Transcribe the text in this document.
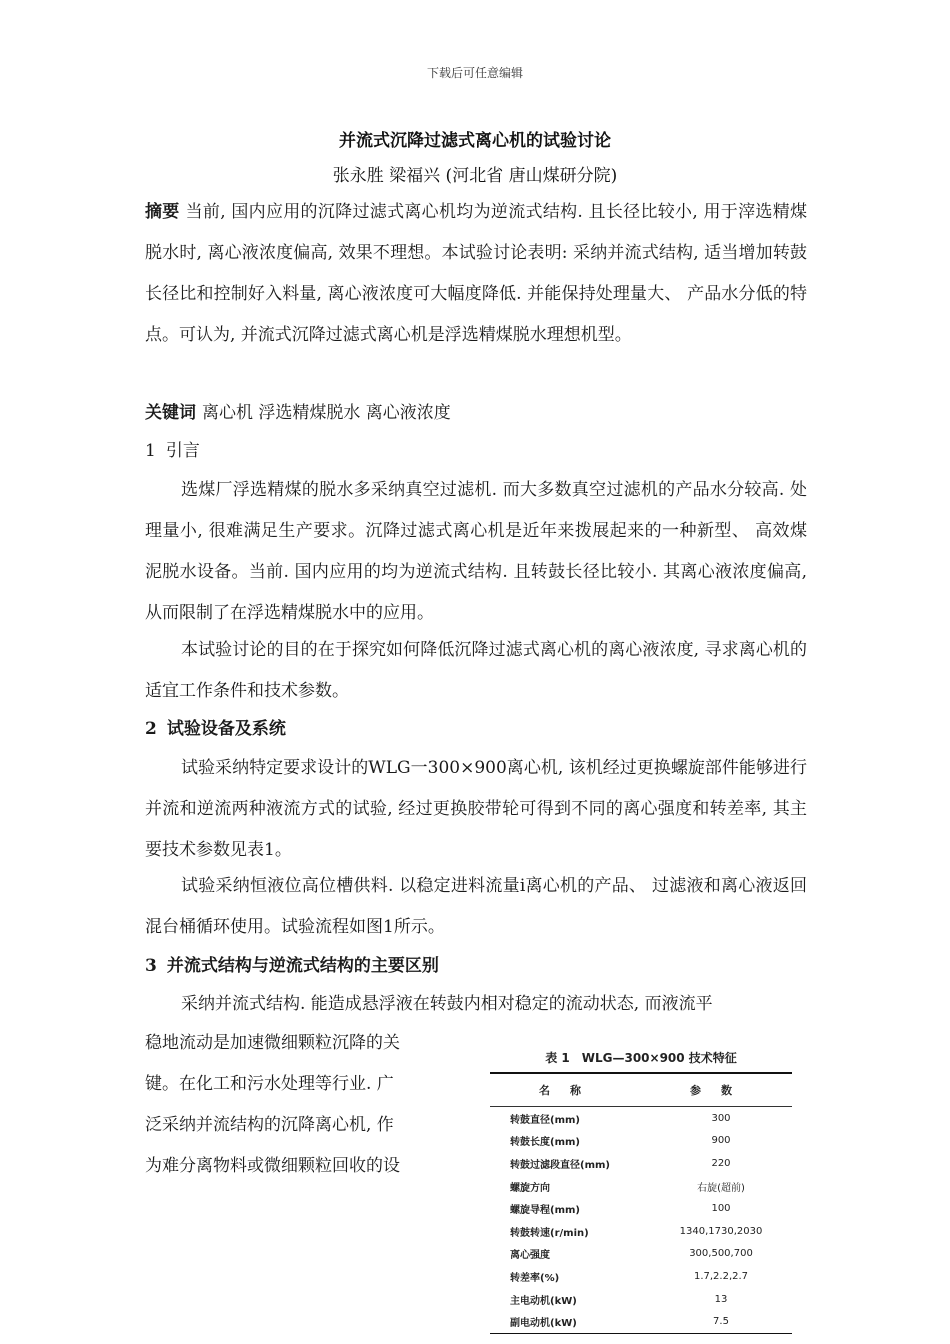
下载后可任意编辑
并流式沉降过滤式离心机的试验讨论
张永胜 梁福兴 (河北省 唐山煤研分院)
摘要 当前, 国内应用的沉降过滤式离心机均为逆流式结构. 且长径比较小, 用于滓选精煤脱水时, 离心液浓度偏高, 效果不理想。本试验讨论表明: 采纳并流式结构, 适当增加转鼓长径比和控制好入料量, 离心液浓度可大幅度降低. 并能保持处理量大、 产品水分低的特点。可认为, 并流式沉降过滤式离心机是浮选精煤脱水理想机型。
关键词 离心机 浮选精煤脱水 离心液浓度
1 引言
选煤厂浮选精煤的脱水多采纳真空过滤机. 而大多数真空过滤机的产品水分较高. 处理量小, 很难满足生产要求。沉降过滤式离心机是近年来拨展起来的一种新型、 高效煤泥脱水设备。当前. 国内应用的均为逆流式结构. 且转鼓长径比较小. 其离心液浓度偏高, 从而限制了在浮选精煤脱水中的应用。
本试验讨论的目的在于探究如何降低沉降过滤式离心机的离心液浓度, 寻求离心机的适宜工作条件和技术参数。
2 试验设备及系统
试验采纳特定要求设计的WLG一300×900离心机, 该机经过更换螺旋部件能够进行并流和逆流两种液流方式的试验, 经过更换胶带轮可得到不同的离心强度和转差率, 其主要技术参数见表1。
试验采纳恒液位高位槽供料. 以稳定进料流量i离心机的产品、 过滤液和离心液返回混台桶循环使用。试验流程如图1所示。
3 并流式结构与逆流式结构的主要区别
采纳并流式结构. 能造成悬浮液在转鼓内相对稳定的流动状态, 而液流平
稳地流动是加速微细颗粒沉降的关
键。在化工和污水处理等行业. 广
泛采纳并流结构的沉降离心机, 作
为难分离物料或微细颗粒回收的设
表 1　WLG—300×900 技术特征
名称	参数
转鼓直径(mm)	300
转鼓长度(mm)	900
转鼓过滤段直径(mm)	220
螺旋方向	右旋(超前)
螺旋导程(mm)	100
转鼓转速(r/min)	1340,1730,2030
离心强度	300,500,700
转差率(%)	1.7,2.2,2.7
主电动机(kW)	13
副电动机(kW)	7.5
